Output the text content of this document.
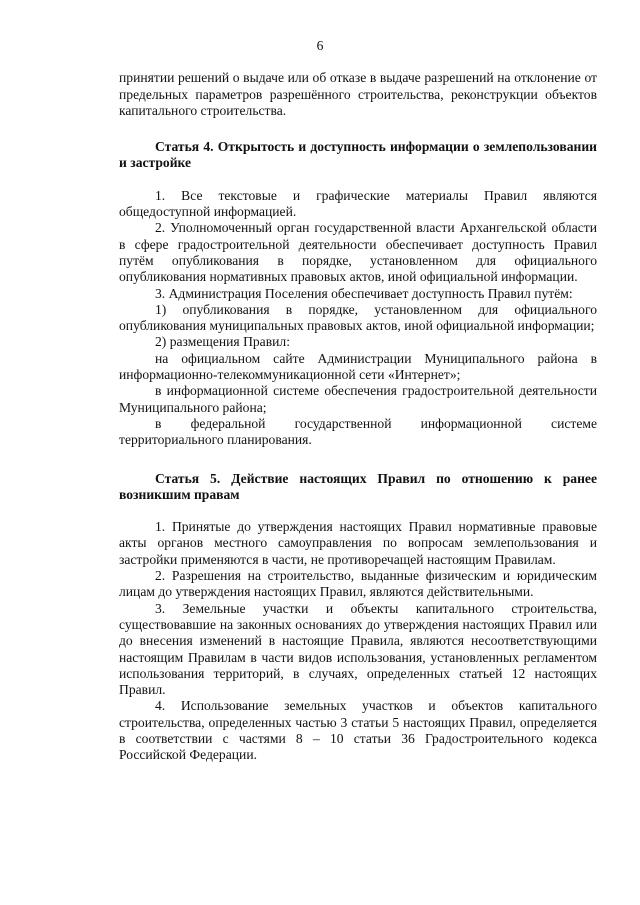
6

принятии решений о выдаче или об отказе в выдаче разрешений на отклонение от предельных параметров разрешённого строительства, реконструкции объектов капитального строительства.

Статья 4. Открытость и доступность информации о землепользовании и застройке

1. Все текстовые и графические материалы Правил являются общедоступной информацией.

2. Уполномоченный орган государственной власти Архангельской области в сфере градостроительной деятельности обеспечивает доступность Правил путём опубликования в порядке, установленном для официального опубликования нормативных правовых актов, иной официальной информации.

3. Администрация Поселения обеспечивает доступность Правил путём:

1) опубликования в порядке, установленном для официального опубликования муниципальных правовых актов, иной официальной информации;

2) размещения Правил:

на официальном сайте Администрации Муниципального района в информационно-телекоммуникационной сети «Интернет»;

в информационной системе обеспечения градостроительной деятельности Муниципального района;

в федеральной государственной информационной системе территориального планирования.

Статья 5. Действие настоящих Правил по отношению к ранее возникшим правам

1. Принятые до утверждения настоящих Правил нормативные правовые акты органов местного самоуправления по вопросам землепользования и застройки применяются в части, не противоречащей настоящим Правилам.

2. Разрешения на строительство, выданные физическим и юридическим лицам до утверждения настоящих Правил, являются действительными.

3. Земельные участки и объекты капитального строительства, существовавшие на законных основаниях до утверждения настоящих Правил или до внесения изменений в настоящие Правила, являются несоответствующими настоящим Правилам в части видов использования, установленных регламентом использования территорий, в случаях, определенных статьей 12 настоящих Правил.

4. Использование земельных участков и объектов капитального строительства, определенных частью 3 статьи 5 настоящих Правил, определяется в соответствии с частями 8 – 10 статьи 36 Градостроительного кодекса Российской Федерации.
